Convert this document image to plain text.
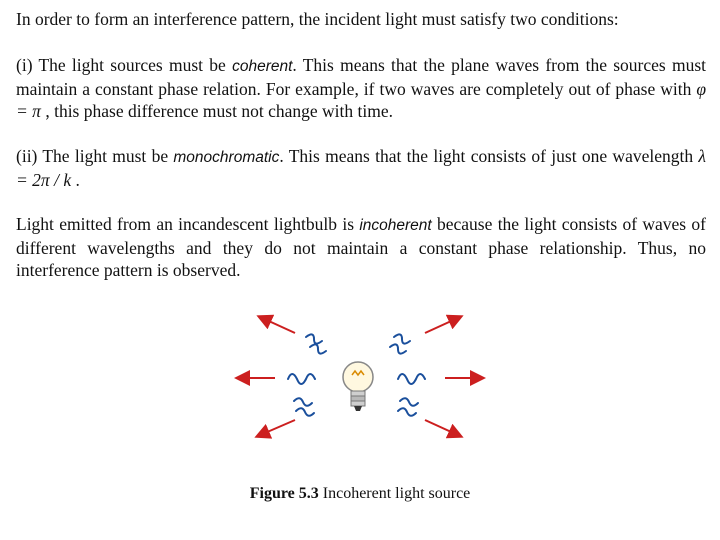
In order to form an interference pattern, the incident light must satisfy two conditions:

(i) The light sources must be coherent. This means that the plane waves from the sources must maintain a constant phase relation. For example, if two waves are completely out of phase with φ = π , this phase difference must not change with time.

(ii) The light must be monochromatic. This means that the light consists of just one wavelength λ = 2π / k .

Light emitted from an incandescent lightbulb is incoherent because the light consists of waves of different wavelengths and they do not maintain a constant phase relationship. Thus, no interference pattern is observed.

Figure 5.3 Incoherent light source
